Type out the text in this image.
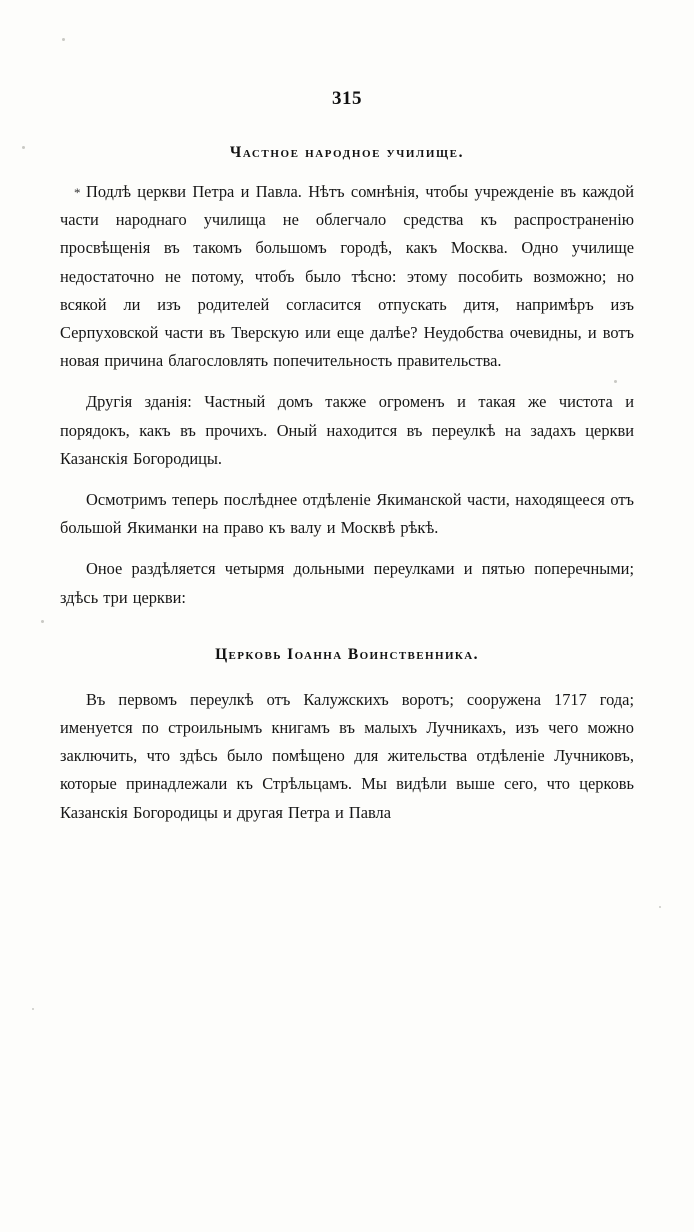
315
Частное народное училище.

* Подлѣ церкви Петра и Павла. Нѣтъ сомнѣнія, чтобы учрежденіе въ каждой части народнаго училища не облегчало средства къ распространенію просвѣщенія въ такомъ большомъ городѣ, какъ Москва. Одно училище недостаточно не потому, чтобъ было тѣсно: этому пособить возможно; но всякой ли изъ родителей согласится отпускать дитя, напримѣръ изъ Серпуховской части въ Тверскую или еще далѣе? Неудобства очевидны, и вотъ новая причина благословлять попечительность правительства.

Другія зданія: Частный домъ также огроменъ и такая же чистота и порядокъ, какъ въ прочихъ. Оный находится въ переулкѣ на задахъ церкви Казанскія Богородицы.

Осмотримъ теперь послѣднее отдѣленіе Якиманской части, находящееся отъ большой Якиманки на право къ валу и Москвѣ рѣкѣ.

Оное раздѣляется четырмя дольными переулками и пятью поперечными; здѣсь три церкви:

Церковь Іоанна Воинственника.

Въ первомъ переулкѣ отъ Калужскихъ воротъ; сооружена 1717 года; именуется по строильнымъ книгамъ въ малыхъ Лучникахъ, изъ чего можно заключить, что здѣсь было помѣщено для жительства отдѣленіе Лучниковъ, которые принадлежали къ Стрѣльцамъ. Мы видѣли выше сего, что церковь Казанскія Богородицы и другая Петра и Павла
